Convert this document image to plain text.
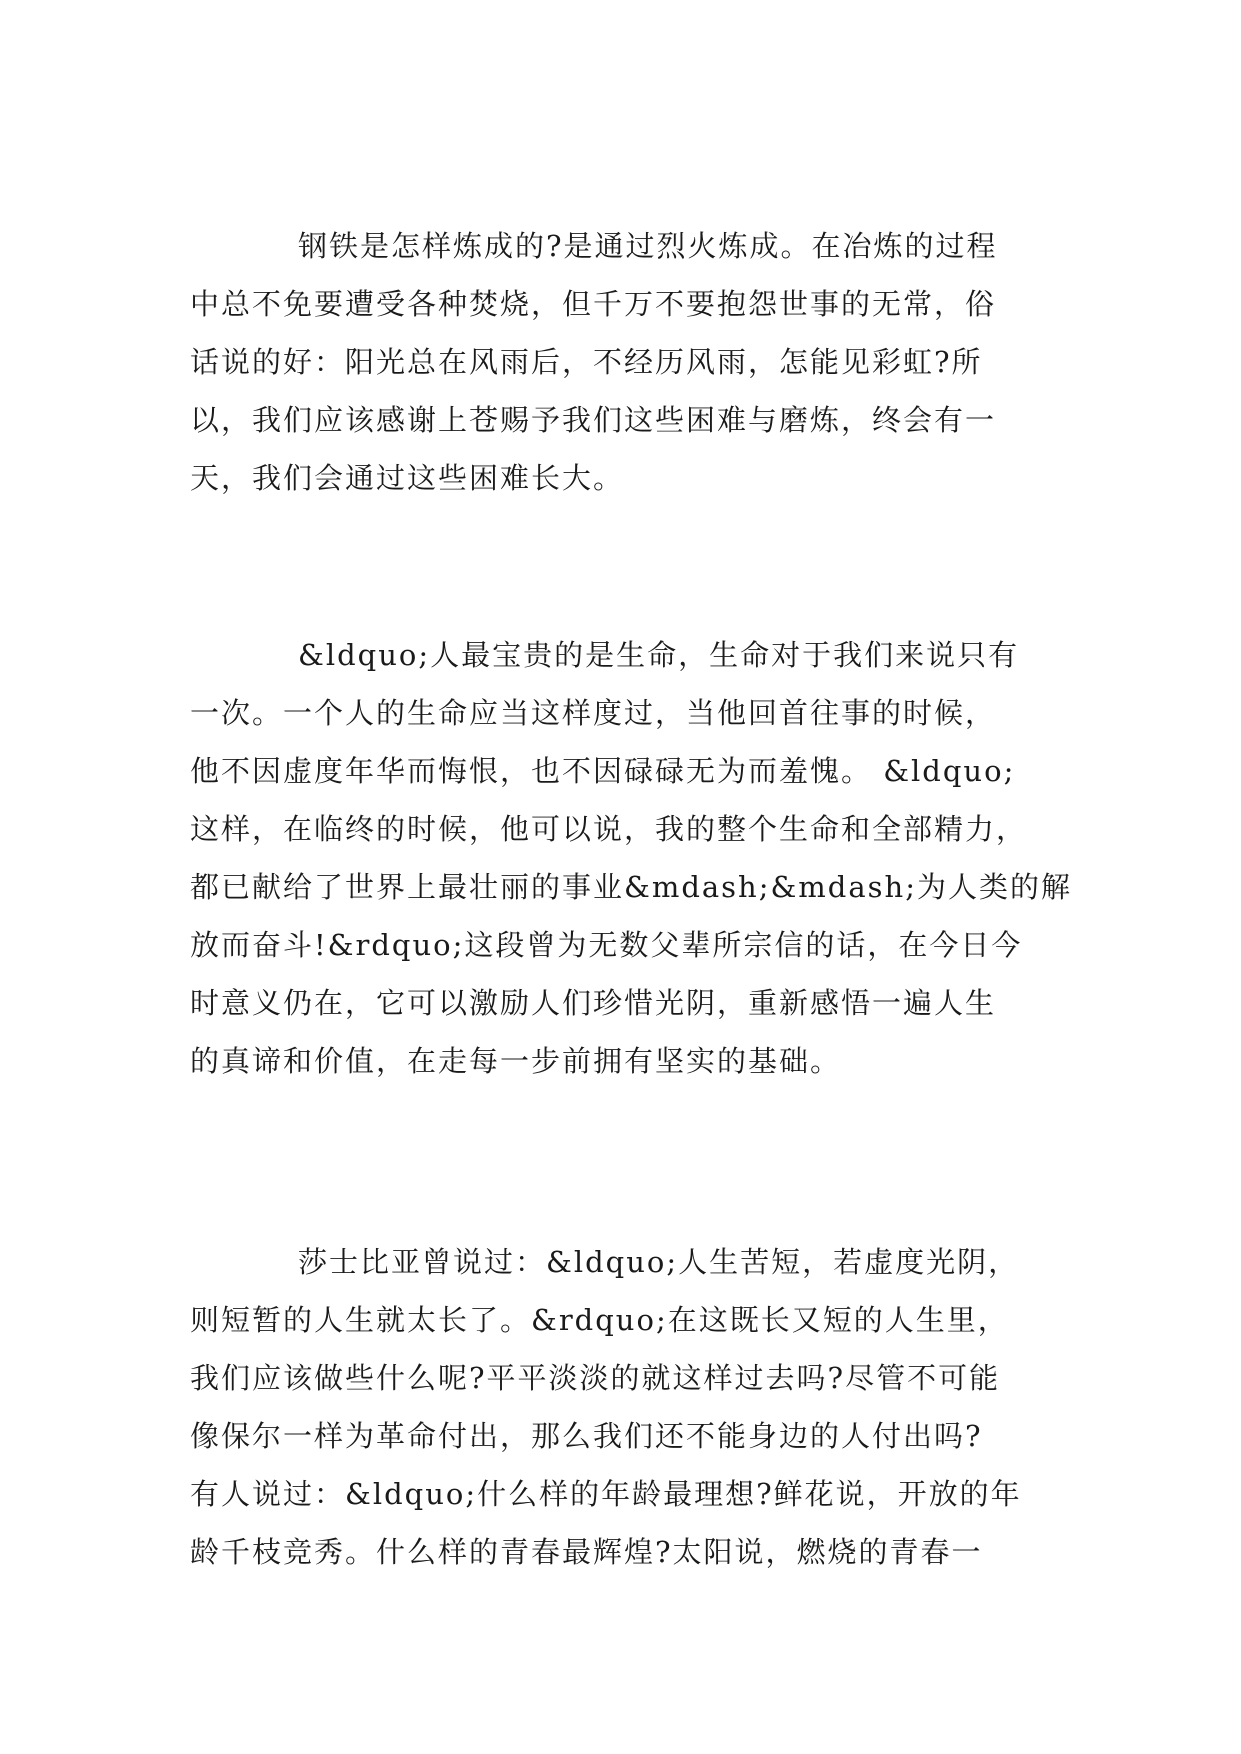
钢铁是怎样炼成的?是通过烈火炼成。在冶炼的过程
中总不免要遭受各种焚烧，但千万不要抱怨世事的无常，俗
话说的好：阳光总在风雨后，不经历风雨，怎能见彩虹?所
以，我们应该感谢上苍赐予我们这些困难与磨炼，终会有一
天，我们会通过这些困难长大。
&ldquo;人最宝贵的是生命，生命对于我们来说只有
一次。一个人的生命应当这样度过，当他回首往事的时候，
他不因虚度年华而悔恨，也不因碌碌无为而羞愧。 &ldquo;
这样，在临终的时候，他可以说，我的整个生命和全部精力，
都已献给了世界上最壮丽的事业&mdash;&mdash;为人类的解
放而奋斗!&rdquo;这段曾为无数父辈所宗信的话，在今日今
时意义仍在，它可以激励人们珍惜光阴，重新感悟一遍人生
的真谛和价值，在走每一步前拥有坚实的基础。
莎士比亚曾说过：&ldquo;人生苦短，若虚度光阴，
则短暂的人生就太长了。&rdquo;在这既长又短的人生里，
我们应该做些什么呢?平平淡淡的就这样过去吗?尽管不可能
像保尔一样为革命付出，那么我们还不能身边的人付出吗?
有人说过：&ldquo;什么样的年龄最理想?鲜花说，开放的年
龄千枝竞秀。什么样的青春最辉煌?太阳说，燃烧的青春一
